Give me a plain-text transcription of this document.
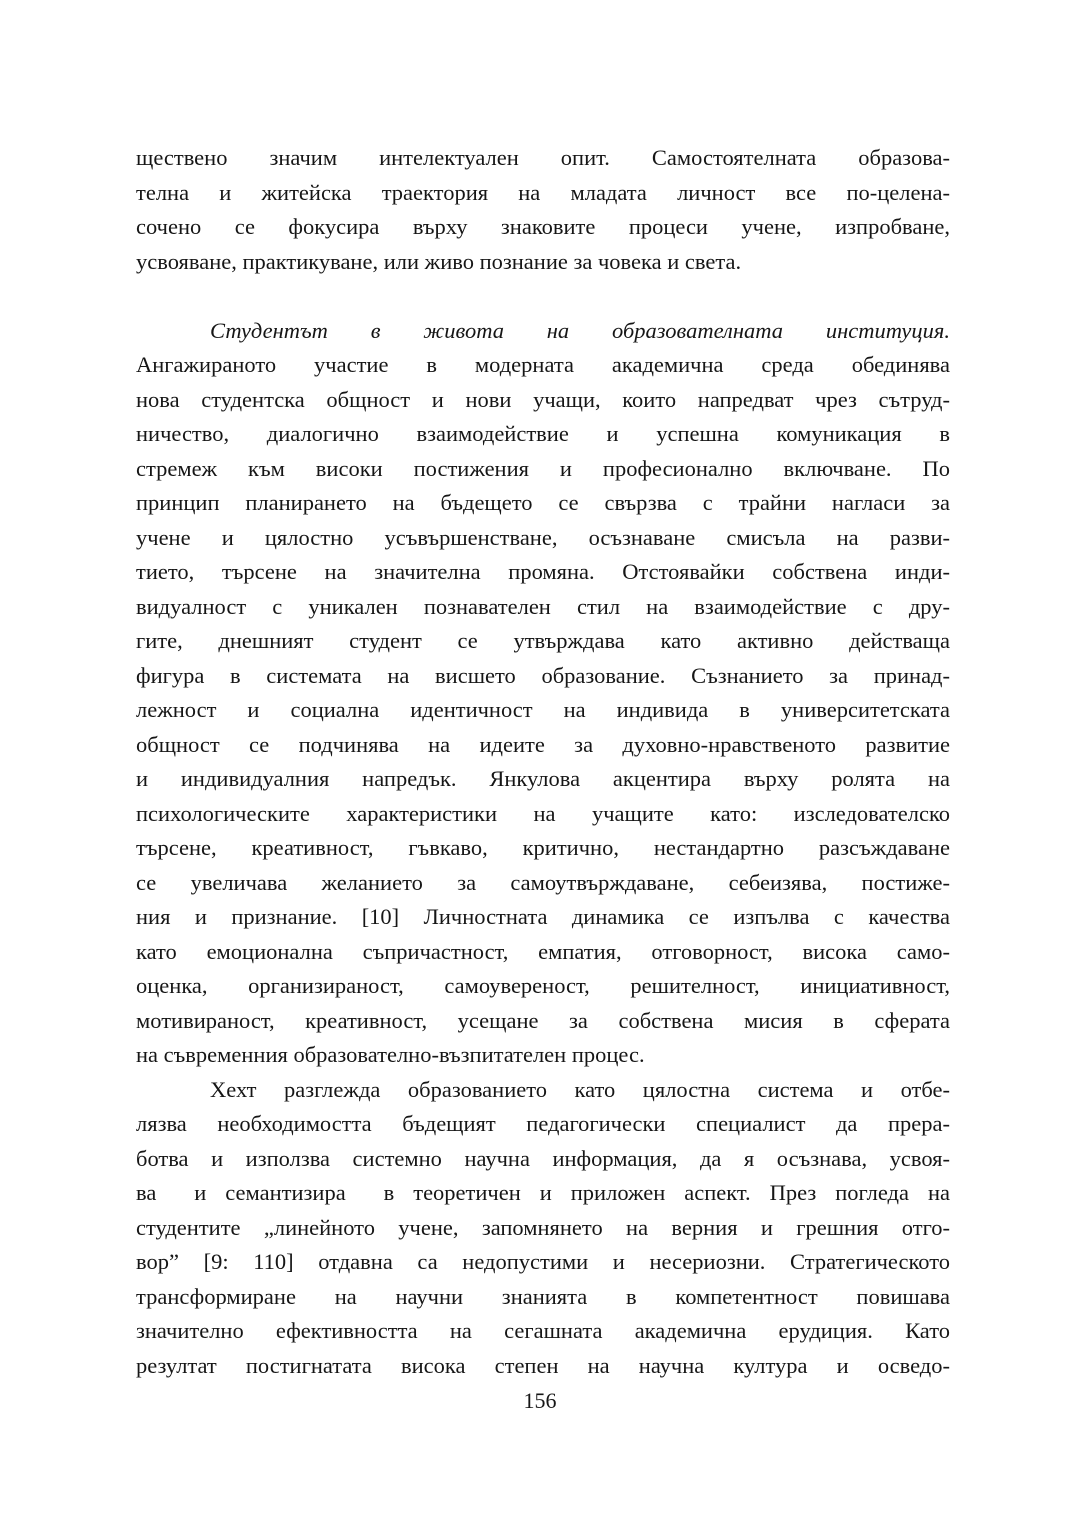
ществено значим интелектуален опит. Самостоятелната образова-
телна и житейска траектория на младата личност все по-целена-
сочено се фокусира върху знаковите процеси учене, изпробване,
усвояване, практикуване, или живо познание за човека и света.
Студентът в живота на образователната институция.
Ангажираното участие в модерната академична среда обединява
нова студентска общност и нови учащи, които напредват чрез сътруд-
ничество, диалогично взаимодействие и успешна комуникация в
стремеж към високи постижения и професионално включване. По
принцип планирането на бъдещето се свързва с трайни нагласи за
учене и цялостно усъвършенстване, осъзнаване смисъла на разви-
тието, търсене на значителна промяна. Отстоявайки собствена инди-
видуалност с уникален познавателен стил на взаимодействие с дру-
гите, днешният студент се утвърждава като активно действаща
фигура в системата на висшето образование. Съзнанието за принад-
лежност и социална идентичност на индивида в университетската
общност се подчинява на идеите за духовно-нравственото развитие
и индивидуалния напредък. Янкулова акцентира върху ролята на
психологическите характеристики на учащите като: изследователско
търсене, креативност, гъвкаво, критично, нестандартно разсъждаване
се увеличава желанието за самоутвърждаване, себеизява, постиже-
ния и признание. [10] Личностната динамика се изпълва с качества
като емоционална съпричастност, емпатия, отговорност, висока само-
оценка, организираност, самоувереност, решителност, инициативност,
мотивираност, креативност, усещане за собствена мисия в сферата
на съвременния образователно-възпитателен процес.
Хехт разглежда образованието като цялостна система и отбе-
лязва необходимостта бъдещият педагогически специалист да прера-
ботва и използва системно научна информация, да я осъзнава, усвоя-
ва  и семантизира  в теоретичен и приложен аспект. През погледа на
студентите „линейното учене, запомнянето на верния и грешния отго-
вор” [9: 110] отдавна са недопустими и несериозни. Стратегическото
трансформиране на научни знанията в компетентност повишава
значително ефективността на сегашната академична ерудиция. Като
резултат постигнатата висока степен на научна култура и осведо-
156
